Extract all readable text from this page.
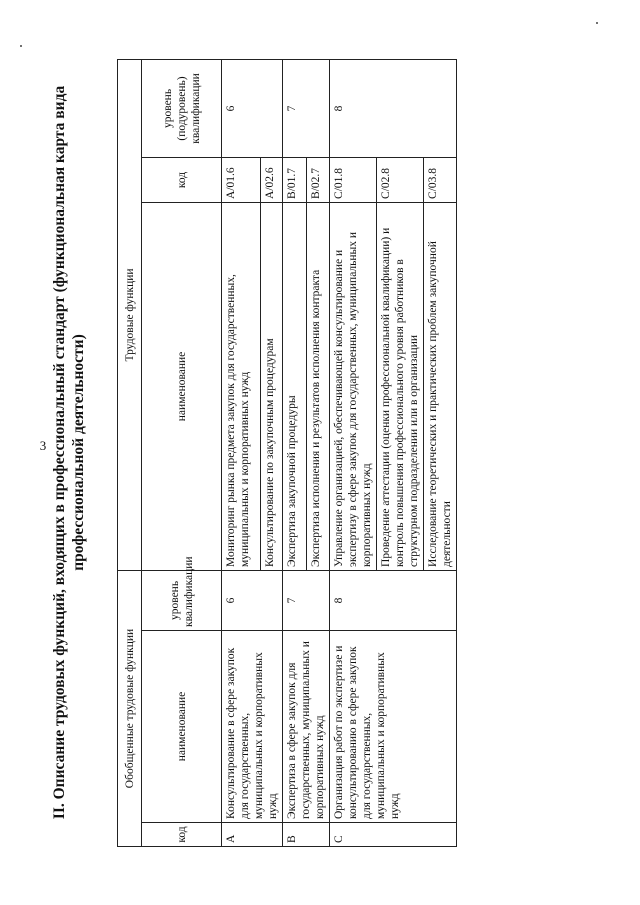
3 II. Описание трудовых функций, входящих в профессиональный стандарт (функциональная карта вида профессиональной деятельности)
Обобщенные трудовые функции			Трудовые функции		
код	наименование	уровень квалификации	наименование	код	уровень (подуровень) квалификации
A	Консультирование в сфере закупок для государственных, муниципальных и корпоративных нужд	6	Мониторинг рынка предмета закупок для государственных, муниципальных и корпоративных нужд	A/01.6	6
			Консультирование по закупочным процедурам	A/02.6	
B	Экспертиза в сфере закупок для государственных, муниципальных и корпоративных нужд	7	Экспертиза закупочной процедуры	B/01.7	7
			Экспертиза исполнения и результатов исполнения контракта	B/02.7	
C	Организация работ по экспертизе и консультированию в сфере закупок для государственных, муниципальных и корпоративных нужд	8	Управление организацией, обеспечивающей консультирование и экспертизу в сфере закупок для государственных, муниципальных и корпоративных нужд	C/01.8	8
			Проведение аттестации (оценки профессиональной квалификации) и контроль повышения профессионального уровня работников в структурном подразделении или в организации	C/02.8	
			Исследование теоретических и практических проблем закупочной деятельности	C/03.8	
